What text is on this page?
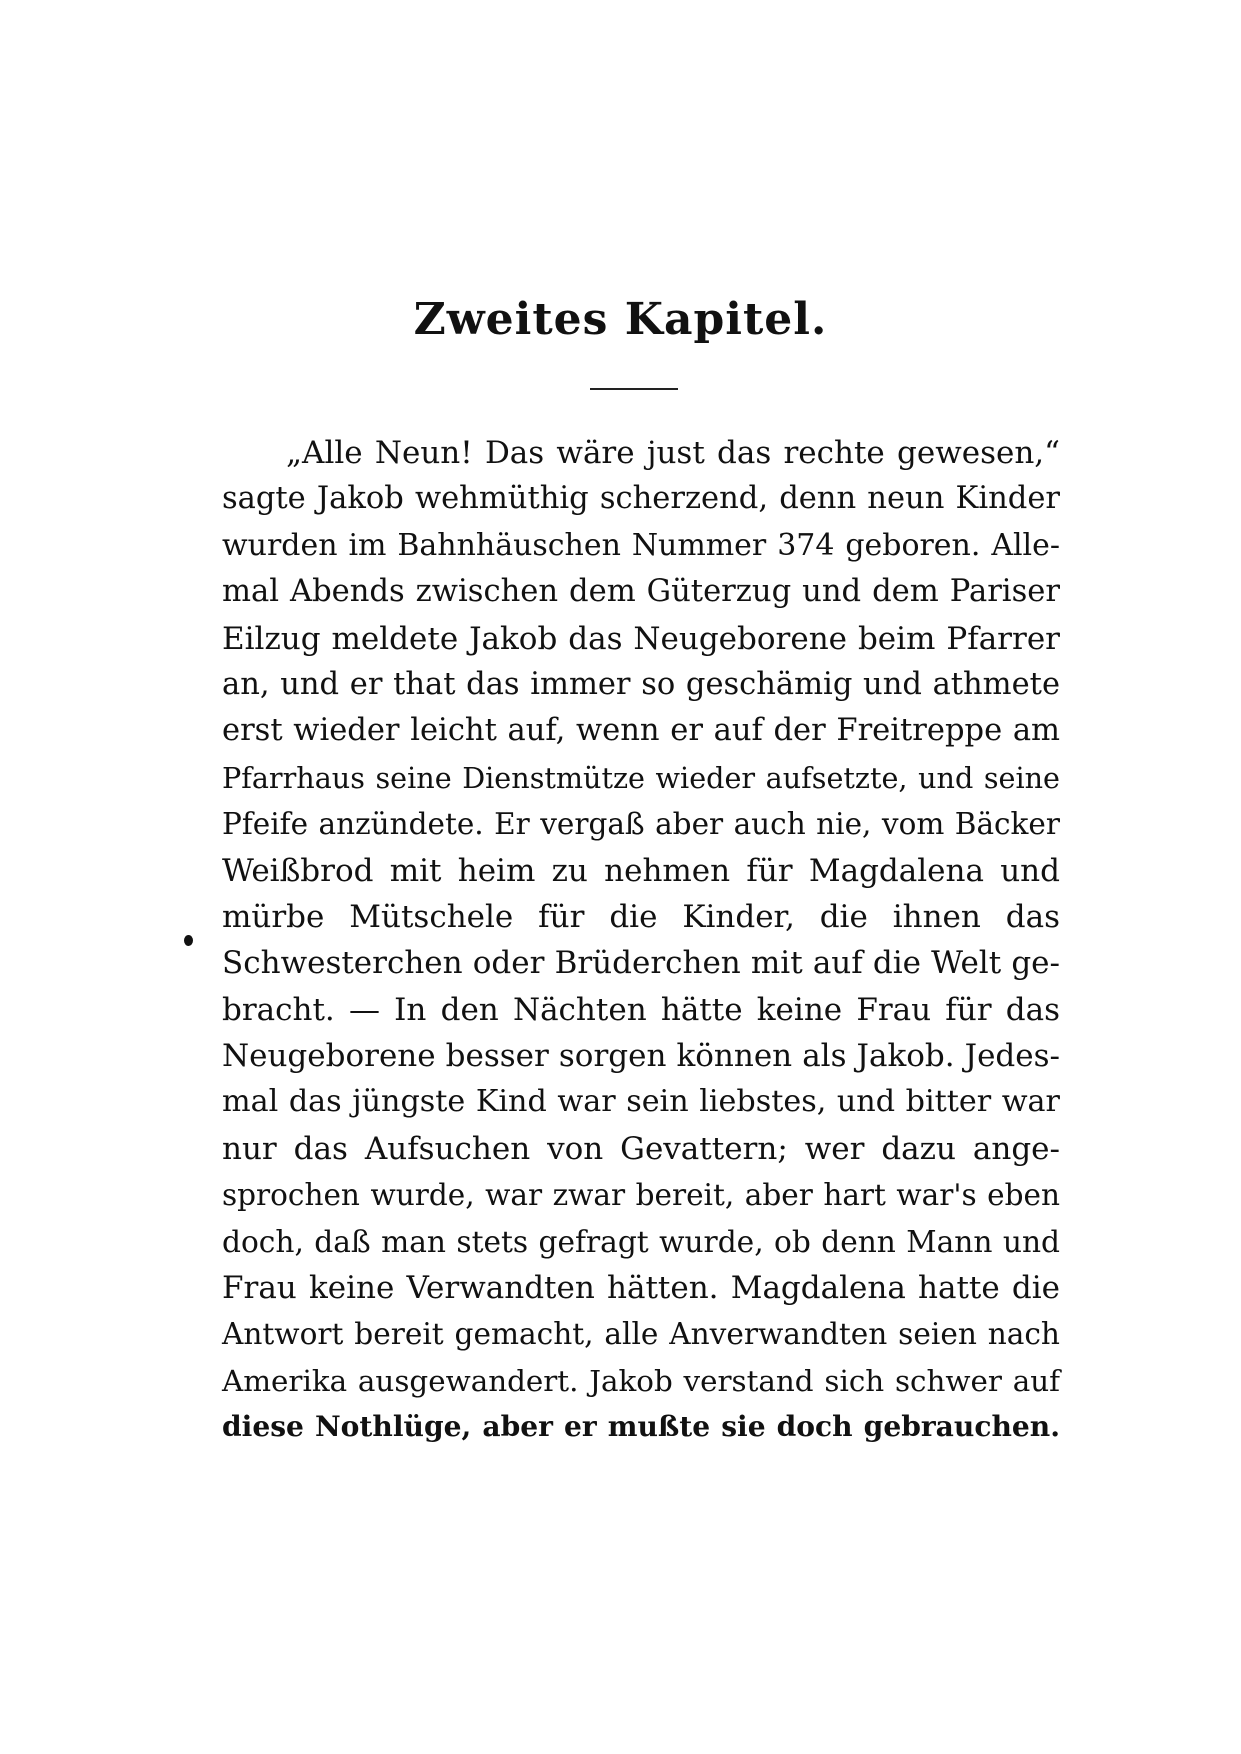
Zweites Kapitel.
„Alle Neun! Das wäre just das rechte gewesen,“
sagte Jakob wehmüthig scherzend, denn neun Kinder
wurden im Bahnhäuschen Nummer 374 geboren. Alle-
mal Abends zwischen dem Güterzug und dem Pariser
Eilzug meldete Jakob das Neugeborene beim Pfarrer
an, und er that das immer so geschämig und athmete
erst wieder leicht auf, wenn er auf der Freitreppe am
Pfarrhaus seine Dienstmütze wieder aufsetzte, und seine
Pfeife anzündete. Er vergaß aber auch nie, vom Bäcker
Weißbrod mit heim zu nehmen für Magdalena und
mürbe Mütschele für die Kinder, die ihnen das
Schwesterchen oder Brüderchen mit auf die Welt ge-
bracht. — In den Nächten hätte keine Frau für das
Neugeborene besser sorgen können als Jakob. Jedes-
mal das jüngste Kind war sein liebstes, und bitter war
nur das Aufsuchen von Gevattern; wer dazu ange-
sprochen wurde, war zwar bereit, aber hart war's eben
doch, daß man stets gefragt wurde, ob denn Mann und
Frau keine Verwandten hätten. Magdalena hatte die
Antwort bereit gemacht, alle Anverwandten seien nach
Amerika ausgewandert. Jakob verstand sich schwer auf
diese Nothlüge, aber er mußte sie doch gebrauchen.
